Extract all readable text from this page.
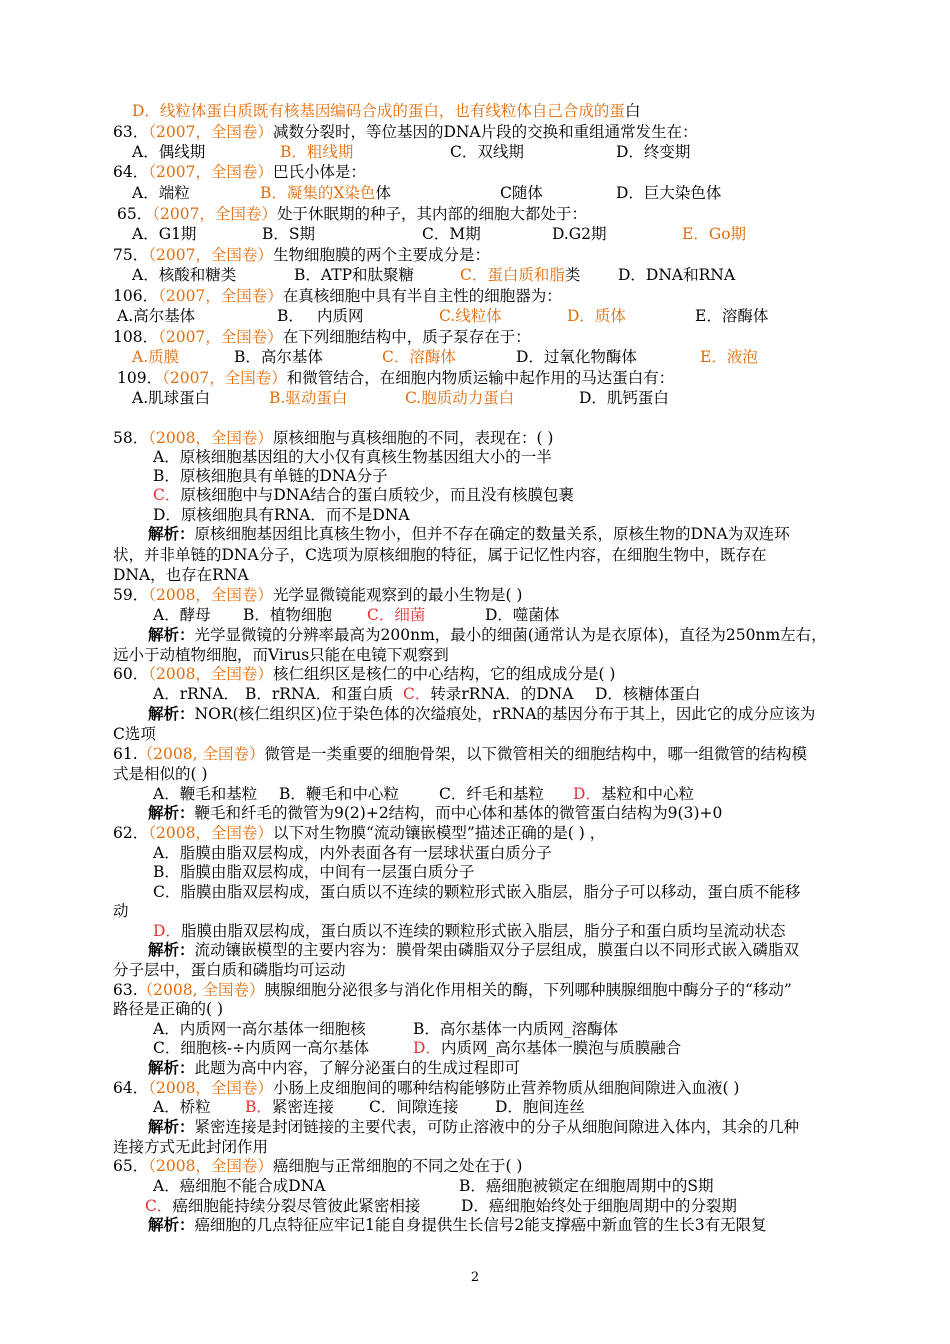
D．线粒体蛋白质既有核基因编码合成的蛋白，也有线粒体自己合成的蛋白
63．（2007，全国卷）减数分裂时，等位基因的DNA片段的交换和重组通常发生在：
A．偶线期	B．粗线期	C．双线期	D．终变期
64．（2007，全国卷）巴氏小体是：
A．端粒	B．凝集的X染色体	C随体	D．巨大染色体
65．（2007，全国卷）处于休眠期的种子，其内部的细胞大都处于：
A．G1期	B．S期	C．M期	D.G2期	E．Go期
75．（2007，全国卷）生物细胞膜的两个主要成分是：
A．核酸和糖类	B．ATP和肽聚糖	C．蛋白质和脂类 D．DNA和RNA
106．（2007，全国卷）在真核细胞中具有半自主性的细胞器为：
A.高尔基体	B． 内质网	C.线粒体	D．质体	E．溶酶体
108．（2007，全国卷）在下列细胞结构中，质子泵存在于：
A.质膜	B．高尔基体	C．溶酶体	D．过氧化物酶体	E．液泡
109．（2007，全国卷）和微管结合，在细胞内物质运输中起作用的马达蛋白有：
A.肌球蛋白	B.驱动蛋白	C.胞质动力蛋白	D．肌钙蛋白
58．（2008，全国卷）原核细胞与真核细胞的不同，表现在：( )
A．原核细胞基因组的大小仅有真核生物基因组大小的一半
B．原核细胞具有单链的DNA分子
C．原核细胞中与DNA结合的蛋白质较少，而且没有核膜包裹
D．原核细胞具有RNA．而不是DNA
解析：原核细胞基因组比真核生物小，但并不存在确定的数量关系，原核生物的DNA为双连环
状，并非单链的DNA分子，C选项为原核细胞的特征，属于记忆性内容，在细胞生物中，既存在
DNA，也存在RNA
59．（2008，全国卷）光学显微镜能观察到的最小生物是( )
A．酵母 B．植物细胞 C．细菌	D．噬菌体
解析：光学显微镜的分辨率最高为200nm，最小的细菌(通常认为是衣原体)，直径为250nm左右，
远小于动植物细胞，而Virus只能在电镜下观察到
60．（2008，全国卷）核仁组织区是核仁的中心结构，它的组成成分是( )
A．rRNA． B．rRNA．和蛋白质 C．转录rRNA．的DNA D．核糖体蛋白
解析：NOR(核仁组织区)位于染色体的次缢痕处，rRNA的基因分布于其上，因此它的成分应该为
C选项
61.（2008, 全国卷）微管是一类重要的细胞骨架，以下微管相关的细胞结构中，哪一组微管的结构模
式是相似的( )
A．鞭毛和基粒 B．鞭毛和中心粒	C．纤毛和基粒 D．基粒和中心粒
解析：鞭毛和纤毛的微管为9(2)+2结构，而中心体和基体的微管蛋白结构为9(3)+0
62．（2008，全国卷）以下对生物膜“流动镶嵌模型”描述正确的是( ) ，
A．脂膜由脂双层构成，内外表面各有一层球状蛋白质分子
B．脂膜由脂双层构成，中间有一层蛋白质分子
C．脂膜由脂双层构成，蛋白质以不连续的颗粒形式嵌入脂层，脂分子可以移动，蛋白质不能移
动
D．脂膜由脂双层构成，蛋白质以不连续的颗粒形式嵌入脂层，脂分子和蛋白质均呈流动状态
解析：流动镶嵌模型的主要内容为：膜骨架由磷脂双分子层组成，膜蛋白以不同形式嵌入磷脂双
分子层中，蛋白质和磷脂均可运动
63.（2008, 全国卷）胰腺细胞分泌很多与消化作用相关的酶，下列哪种胰腺细胞中酶分子的“移动”
路径是正确的( )
A．内质网一高尔基体一细胞核	B．高尔基体一内质网_溶酶体
C．细胞核-÷内质网一高尔基体	D．内质网_高尔基体一膜泡与质膜融合
解析：此题为高中内容，了解分泌蛋白的生成过程即可
64．（2008，全国卷）小肠上皮细胞间的哪种结构能够防止营养物质从细胞间隙进入血液( )
A．桥粒 B．紧密连接 C．间隙连接 D．胞间连丝
解析：紧密连接是封闭链接的主要代表，可防止溶液中的分子从细胞间隙进入体内，其余的几种
连接方式无此封闭作用
65．（2008，全国卷）癌细胞与正常细胞的不同之处在于( )
A．癌细胞不能合成DNA	B．癌细胞被锁定在细胞周期中的S期
C．癌细胞能持续分裂尽管彼此紧密相接	D．癌细胞始终处于细胞周期中的分裂期
解析：癌细胞的几点特征应牢记1能自身提供生长信号2能支撑癌中新血管的生长3有无限复
2
